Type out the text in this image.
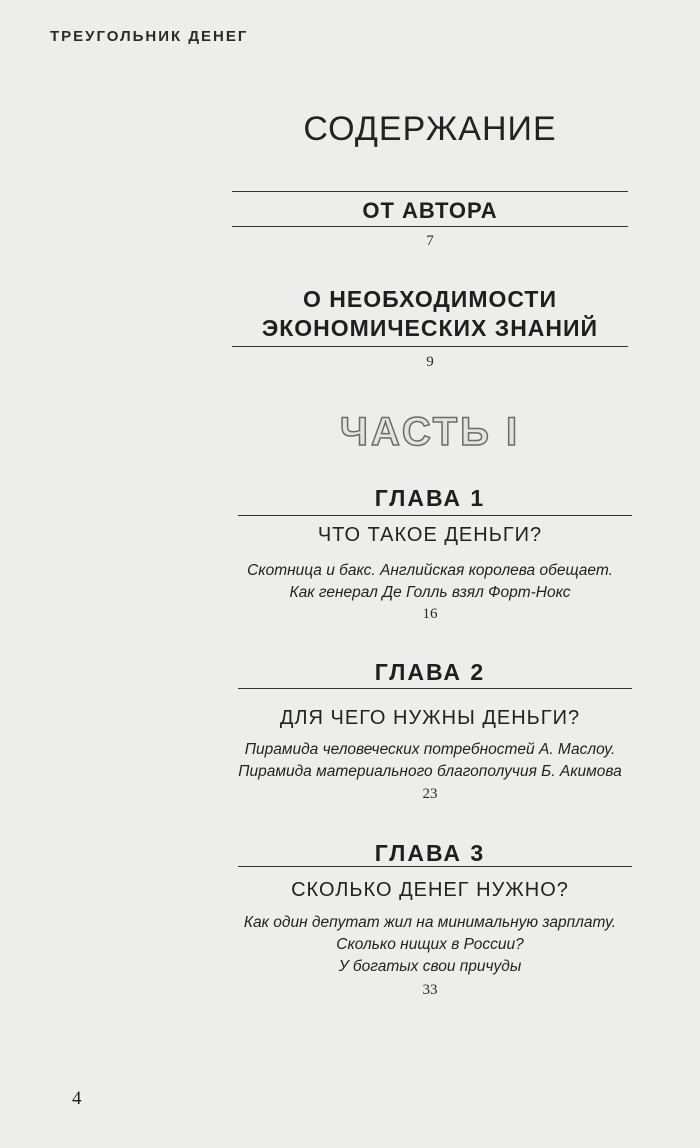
ТРЕУГОЛЬНИК ДЕНЕГ
СОДЕРЖАНИЕ
ОТ АВТОРА
7
О НЕОБХОДИМОСТИ
ЭКОНОМИЧЕСКИХ ЗНАНИЙ
9
ЧАСТЬ I
ГЛАВА 1
ЧТО ТАКОЕ ДЕНЬГИ?
Скотница и бакс. Английская королева обещает.
Как генерал Де Голль взял Форт-Нокс
16
ГЛАВА 2
ДЛЯ ЧЕГО НУЖНЫ ДЕНЬГИ?
Пирамида человеческих потребностей А. Маслоу.
Пирамида материального благополучия Б. Акимова
23
ГЛАВА 3
СКОЛЬКО ДЕНЕГ НУЖНО?
Как один депутат жил на минимальную зарплату.
Сколько нищих в России?
У богатых свои причуды
33
4
